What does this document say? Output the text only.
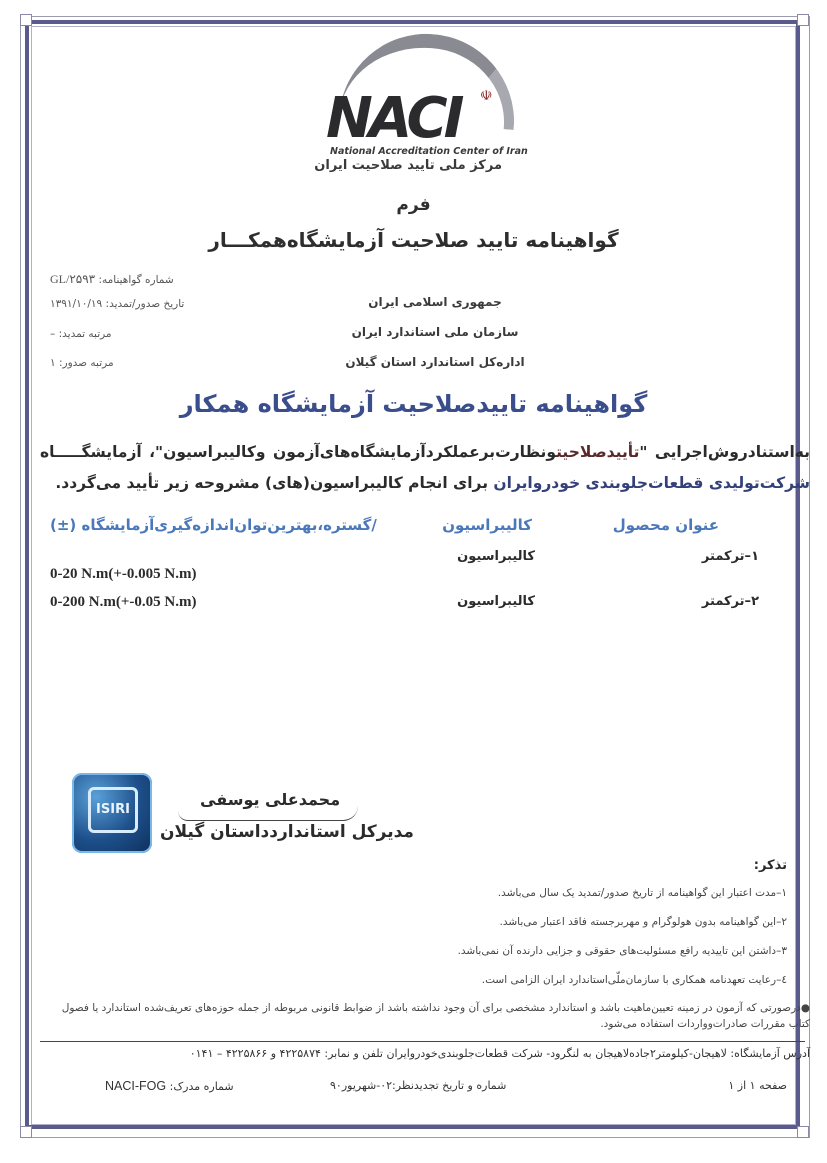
NACI ☫
National Accreditation Center of Iran
مرکز ملی تایید صلاحیت ایران
فرم
گواهینامه تایید صلاحیت آزمایشگاه‌همکـــار
شماره گواهینامه: GL/۲۵۹۳
تاریخ صدور/تمدید: ۱۳۹۱/۱۰/۱۹
مرتبه تمدید: –
مرتبه صدور: ۱
جمهوری اسلامی ایران
سازمان ملی استاندارد ایران
اداره‌کل استاندارد استان گیلان
گواهینامه تاییدصلاحیت آزمایشگاه همکار
به‌استنادروش‌اجرایی "تأییدصلاحیتونظارت‌برعملکردآزمایشگاه‌های‌آزمون وکالیبراسیون"، آزمایشگـــــاه
شرکت‌تولیدی قطعات‌جلوبندی خودروایران برای انجام کالیبراسیون(های) مشروحه زیر تأیید می‌گردد.
عنوان محصول
کالیبراسیون
/گستره،بهترین‌توان‌اندازه‌گیری‌آزمایشگاه (±)
۱–ترکمتر
کالیبراسیون
0-20 N.m(+-0.005 N.m)
۲–ترکمتر
کالیبراسیون
0-200 N.m(+-0.05 N.m)
ISIRI
محمدعلی یوسفی
مدیرکل استانداردداستان گیلان
تذکر:
۱–مدت اعتبار این گواهینامه از تاریخ صدور/تمدید یک سال می‌باشد.
۲–این گواهینامه بدون هولوگرام و مهربرجسته فاقد اعتبار می‌باشد.
۳–داشتن این تاییدیه رافع مسئولیت‌های حقوقی و جزایی دارنده آن نمی‌باشد.
٤–رعایت تعهدنامه همکاری با سازمان‌ملّی‌استاندارد ایران الزامی است.
●درصورتی که آزمون در زمینه تعیین‌ماهیت باشد و استاندارد مشخصی برای آن وجود نداشته باشد از ضوابط قانونی مربوطه از جمله حوزه‌های تعریف‌شده استاندارد یا فصول کتاب مقررات صادرات‌وواردات استفاده می‌شود.
آدرس آزمایشگاه: لاهیجان-کیلومتر۲جاده‌لاهیجان به لنگرود- شرکت قطعات‌جلوبندی‌خودروایران تلفن و نمابر: ۴۲۲۵۸۷۴ و ۴۲۲۵۸۶۶ – ۰۱۴۱
صفحه ۱ از ۱
شماره و تاریخ تجدیدنظر:۰۲-شهریور۹۰
شماره مدرک: NACI-FOG
